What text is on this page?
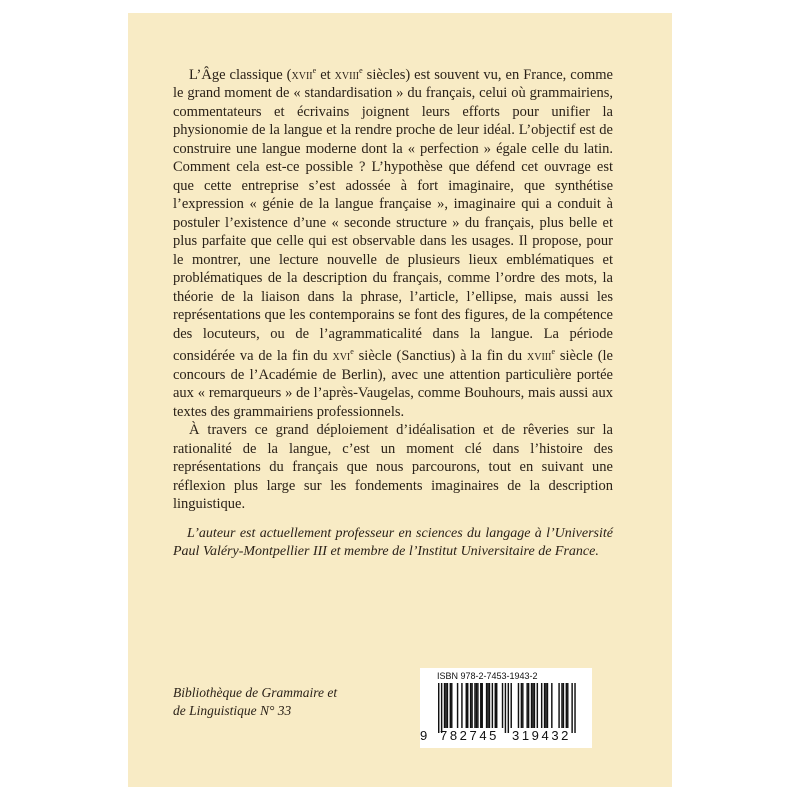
L’Âge classique (xvii$^e$ et xviii$^e$ siècles) est souvent vu, en France, comme le grand moment de « standardisation » du français, celui où grammairiens, commentateurs et écrivains joignent leurs efforts pour unifier la physionomie de la langue et la rendre proche de leur idéal. L’objectif est de construire une langue moderne dont la « perfection » égale celle du latin. Comment cela est-ce possible ? L’hypothèse que défend cet ouvrage est que cette entreprise s’est adossée à fort imaginaire, que synthétise l’expression « génie de la langue française », imaginaire qui a conduit à postuler l’existence d’une « seconde structure » du français, plus belle et plus parfaite que celle qui est observable dans les usages. Il propose, pour le montrer, une lecture nouvelle de plusieurs lieux emblématiques et problématiques de la description du français, comme l’ordre des mots, la théorie de la liaison dans la phrase, l’article, l’ellipse, mais aussi les représentations que les contemporains se font des figures, de la compétence des locuteurs, ou de l’agrammaticalité dans la langue. La période considérée va de la fin du xvi$^e$ siècle (Sanctius) à la fin du xviii$^e$ siècle (le concours de l’Académie de Berlin), avec une attention particulière portée aux « remarqueurs » de l’après-Vaugelas, comme Bouhours, mais aussi aux textes des grammairiens professionnels.

À travers ce grand déploiement d’idéalisation et de rêveries sur la rationalité de la langue, c’est un moment clé dans l’histoire des représentations du français que nous parcourons, tout en suivant une réflexion plus large sur les fondements imaginaires de la description linguistique.

L’auteur est actuellement professeur en sciences du langage à l’Université Paul Valéry-Montpellier III et membre de l’Institut Universitaire de France.
Bibliothèque de Grammaire et
de Linguistique N° 33
ISBN 978-2-7453-1943-2
9 782745 319432
